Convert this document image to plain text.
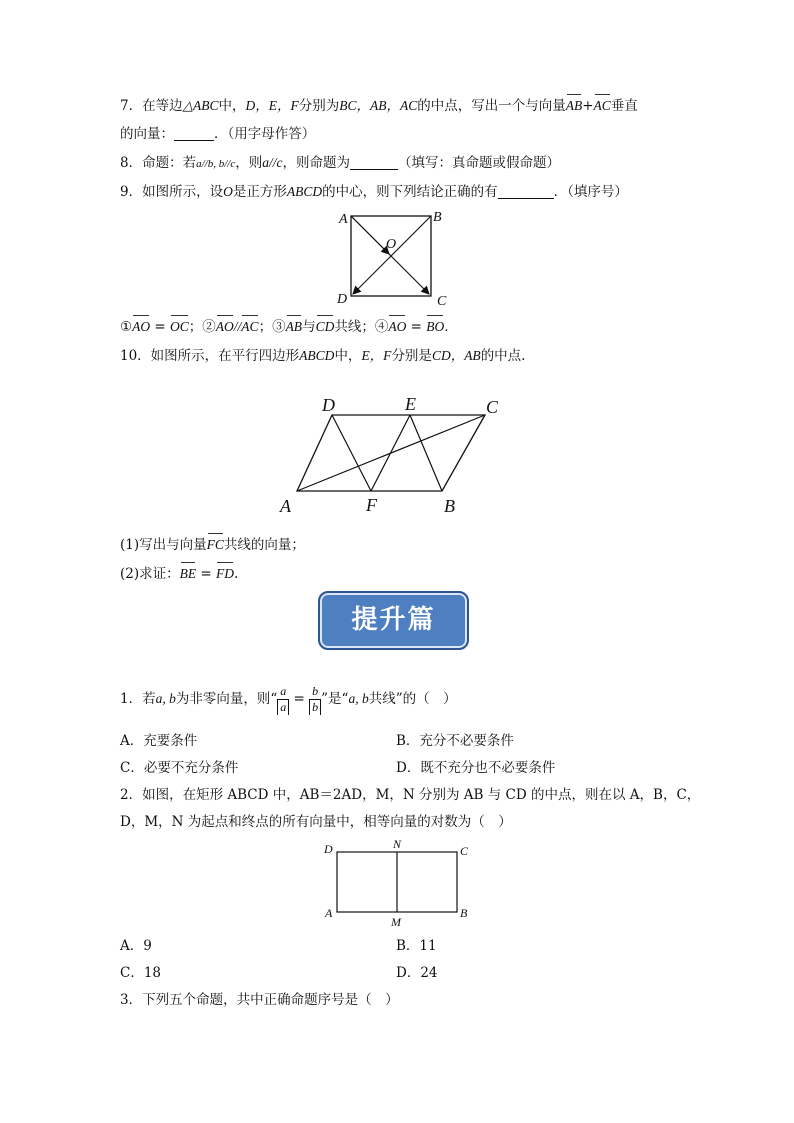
7．在等边△ABC中，D，E，F分别为BC，AB，AC的中点，写出一个与向量AB+AC垂直
的向量：	．（用字母作答）
8．命题：若a//b, b//c，则a//c，则命题为	（填写：真命题或假命题）
9．如图所示，设O是正方形ABCD的中心，则下列结论正确的有	．（填序号）
A	B
C
D
O
①AO = OC；②AO//AC；③AB与CD共线；④AO = BO．
10．如图所示，在平行四边形ABCD中，E，F分别是CD，AB的中点.
A	B
C
D	E
F
(1)写出与向量FC共线的向量；
(2)求证：BE = FD.
提升篇
1．若a, b为非零向量，则“ $\frac{a}{a} = \frac{b}{b}$ ”是“a, b共线”的（　）
A．充要条件	B．充分不必要条件
C．必要不充分条件	D．既不充分也不必要条件
2．如图，在矩形 ABCD 中，AB＝2AD，M，N 分别为 AB 与 CD 的中点，则在以 A，B，C，
D，M，N 为起点和终点的所有向量中，相等向量的对数为（　）
A	B
C
D
M
N
A．9	B．11
C．18	D．24
3．下列五个命题，共中正确命题序号是（　）
